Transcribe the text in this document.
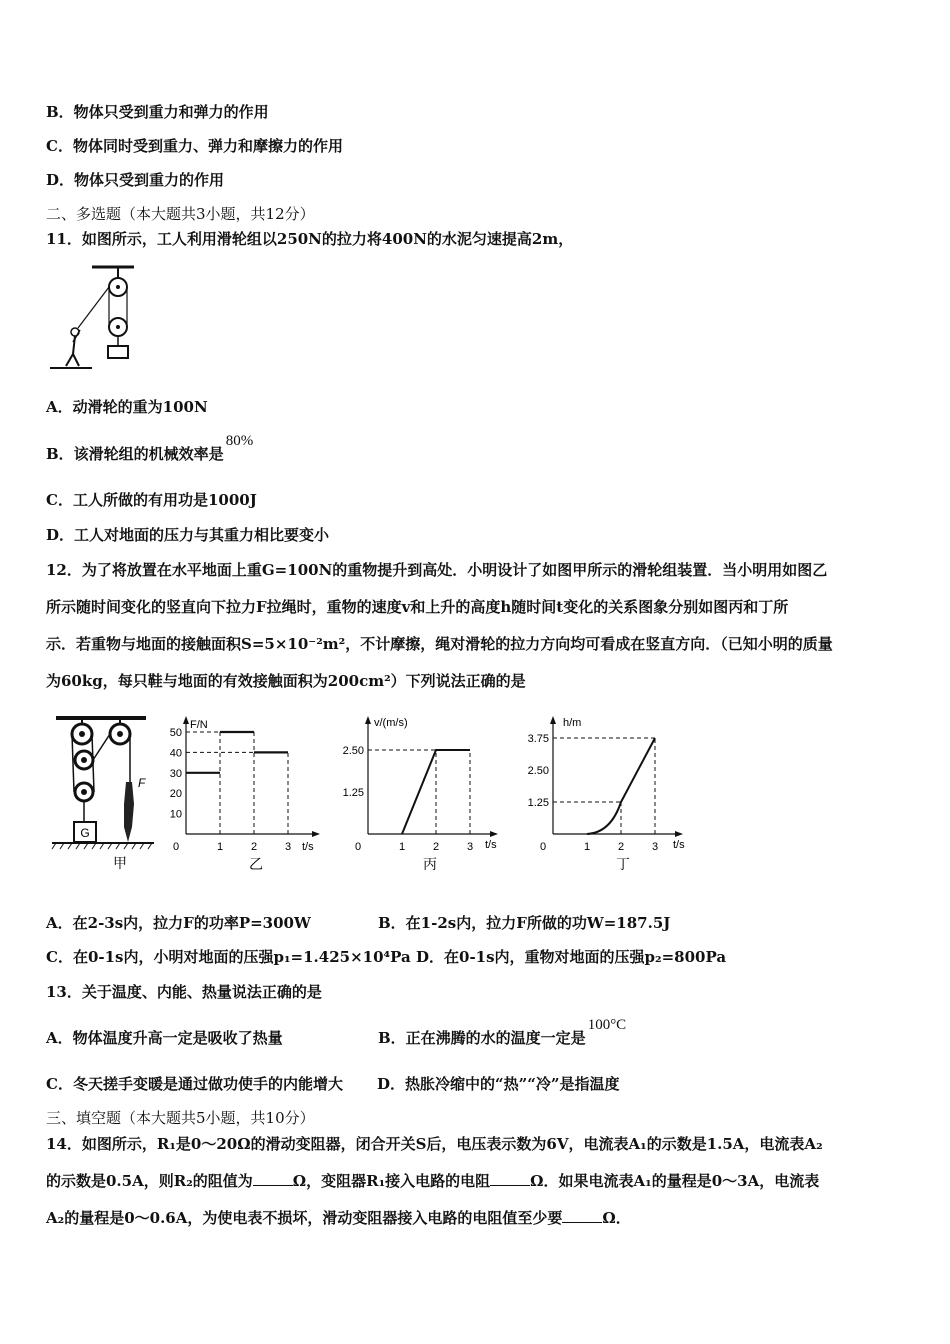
B．物体只受到重力和弹力的作用
C．物体同时受到重力、弹力和摩擦力的作用
D．物体只受到重力的作用
二、多选题（本大题共3小题，共12分）
11．如图所示，工人利用滑轮组以250N的拉力将400N的水泥匀速提高2m，
A．动滑轮的重为100N
B．该滑轮组的机械效率是80%
C．工人所做的有用功是1000J
D．工人对地面的压力与其重力相比要变小
12．为了将放置在水平地面上重G=100N的重物提升到高处．小明设计了如图甲所示的滑轮组装置．当小明用如图乙
所示随时间变化的竖直向下拉力F拉绳时，重物的速度v和上升的高度h随时间t变化的关系图象分别如图丙和丁所
示．若重物与地面的接触面积S=5×10⁻²m²，不计摩擦，绳对滑轮的拉力方向均可看成在竖直方向．（已知小明的质量
为60kg，每只鞋与地面的有效接触面积为200cm²）下列说法正确的是
G
F
甲
F/N
t/s
10
20
30
40
50
0	1	2	3
乙
v/(m/s)
t/s
1.25
2.50
0	1	2	3
丙
h/m
t/s
1.25
2.50
3.75
0	1	2	3
丁
A．在2-3s内，拉力F的功率P=300W	B．在1-2s内，拉力F所做的功W=187.5J
C．在0-1s内，小明对地面的压强p₁=1.425×10⁴Pa D．在0-1s内，重物对地面的压强p₂=800Pa
13．关于温度、内能、热量说法正确的是
A．物体温度升高一定是吸收了热量	B．正在沸腾的水的温度一定是100°C
C．冬天搓手变暖是通过做功使手的内能增大 D．热胀冷缩中的“热”“冷”是指温度
三、填空题（本大题共5小题，共10分）
14．如图所示，R₁是0～20Ω的滑动变阻器，闭合开关S后，电压表示数为6V，电流表A₁的示数是1.5A，电流表A₂
的示数是0.5A，则R₂的阻值为	Ω，变阻器R₁接入电路的电阻	Ω．如果电流表A₁的量程是0～3A，电流表
A₂的量程是0～0.6A，为使电表不损坏，滑动变阻器接入电路的电阻值至少要	Ω．
